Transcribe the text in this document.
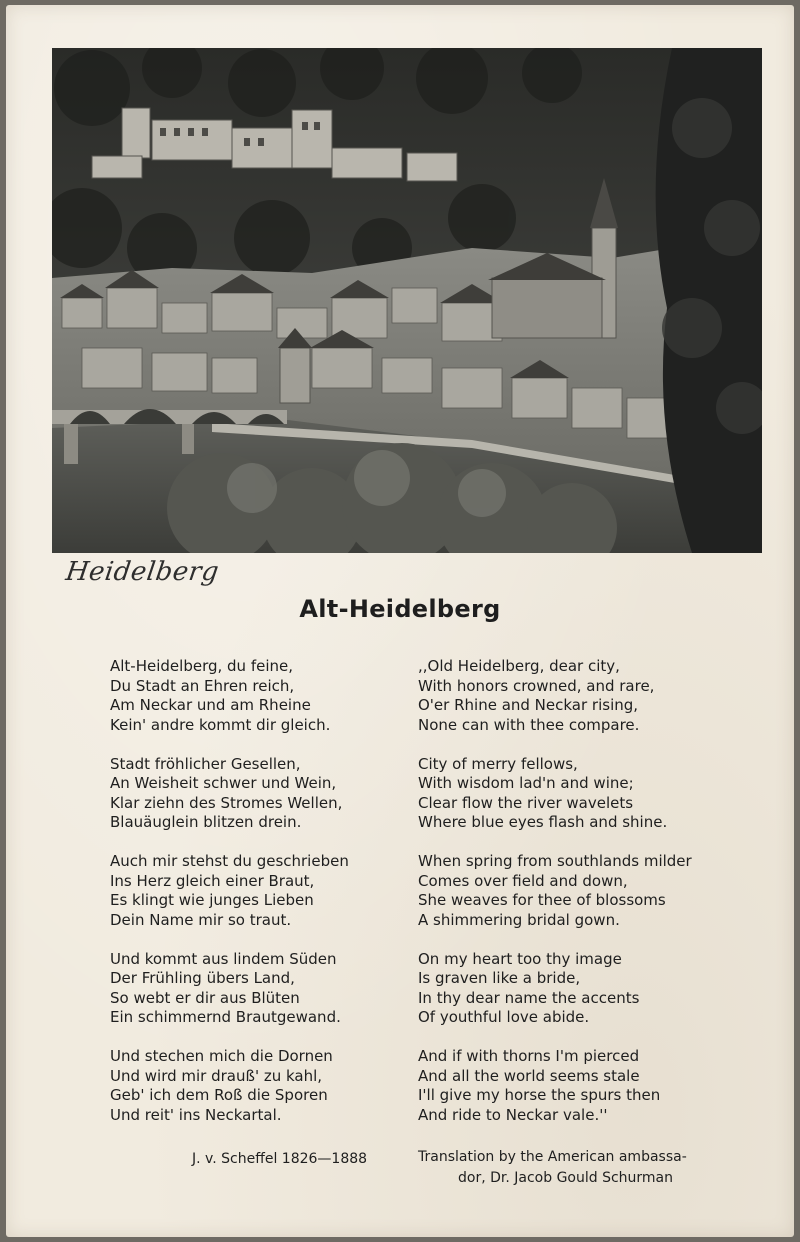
Heidelberg
Alt-Heidelberg
Alt-Heidelberg, du feine,
Du Stadt an Ehren reich,
Am Neckar und am Rheine
Kein' andre kommt dir gleich.
Stadt fröhlicher Gesellen,
An Weisheit schwer und Wein,
Klar ziehn des Stromes Wellen,
Blauäuglein blitzen drein.
Auch mir stehst du geschrieben
Ins Herz gleich einer Braut,
Es klingt wie junges Lieben
Dein Name mir so traut.
Und kommt aus lindem Süden
Der Frühling übers Land,
So webt er dir aus Blüten
Ein schimmernd Brautgewand.
Und stechen mich die Dornen
Und wird mir drauß' zu kahl,
Geb' ich dem Roß die Sporen
Und reit' ins Neckartal.
,,Old Heidelberg, dear city,
With honors crowned, and rare,
O'er Rhine and Neckar rising,
None can with thee compare.
City of merry fellows,
With wisdom lad'n and wine;
Clear flow the river wavelets
Where blue eyes flash and shine.
When spring from southlands milder
Comes over field and down,
She weaves for thee of blossoms
A shimmering bridal gown.
On my heart too thy image
Is graven like a bride,
In thy dear name the accents
Of youthful love abide.
And if with thorns I'm pierced
And all the world seems stale
I'll give my horse the spurs then
And ride to Neckar vale.''
J. v. Scheffel 1826—1888	Translation by the American ambassa-
dor, Dr. Jacob Gould Schurman
